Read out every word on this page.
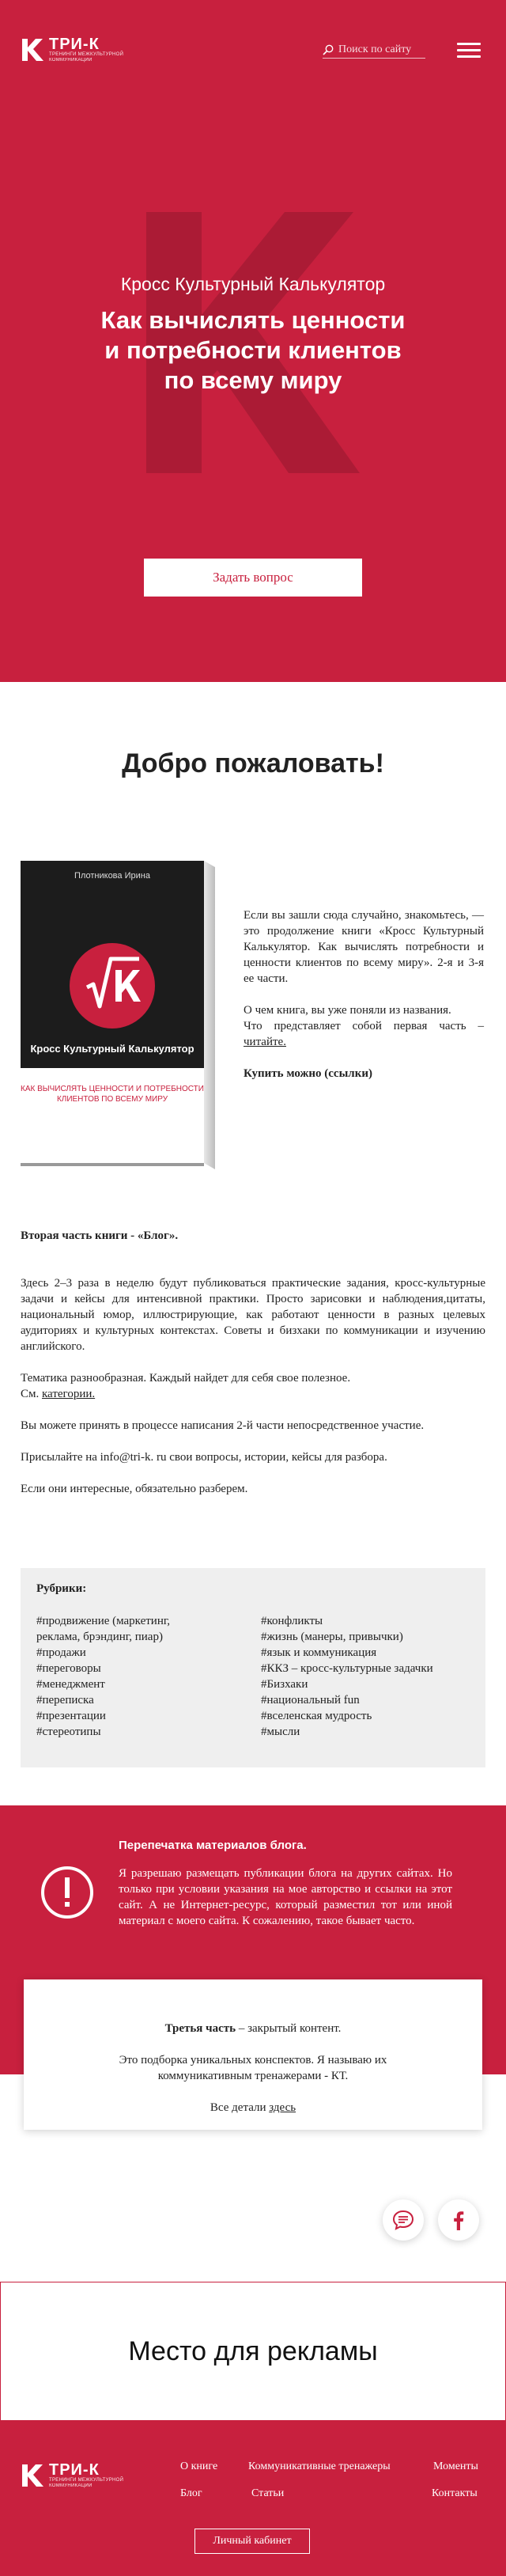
ТРИ-К
ТРЕНИНГИ МЕЖКУЛЬТУРНОЙ
КОММУНИКАЦИИ
Поиск по сайту
Кросс Культурный Калькулятор
Как вычислять ценности
и потребности клиентов
по всему миру
Задать вопрос
Добро пожаловать!
Плотникова Ирина
Кросс Культурный Калькулятор
КАК ВЫЧИСЛЯТЬ ЦЕННОСТИ И ПОТРЕБНОСТИ
КЛИЕНТОВ ПО ВСЕМУ МИРУ

Если вы зашли сюда случайно, знакомьтесь, — это продолжение книги «Кросс Культурный Калькулятор. Как вычислять потребности и ценности клиентов по всему миру». 2-я и 3-я ее части.

О чем книга, вы уже поняли из названия.
Что представляет собой первая часть – читайте.

Купить можно (ссылки)

Вторая часть книги - «Блог».

Здесь 2–3 раза в неделю будут публиковаться практические задания, кросс-культурные задачи и кейсы для интенсивной практики. Просто зарисовки и наблюдения,цитаты, национальный юмор, иллюстрирующие, как работают ценности в разных целевых аудиториях и культурных контекстах. Советы и бизхаки по коммуникации и изучению английского.

Тематика разнообразная. Каждый найдет для себя свое полезное.
См. категории.

Вы можете принять в процессе написания 2-й части непосредственное участие.

Присылайте на info@tri-k. ru свои вопросы, истории, кейсы для разбора.

Если они интересные, обязательно разберем.

Рубрики:
#продвижение (маркетинг,
реклама, брэндинг, пиар)
#продажи
#переговоры
#менеджмент
#переписка
#презентации
#стереотипы
#конфликты
#жизнь (манеры, привычки)
#язык и коммуникация
#ККЗ – кросс-культурные задачки
#Бизхаки
#национальный fun
#вселенская мудрость
#мысли
Перепечатка материалов блога.
Я разрешаю размещать публикации блога на других сайтах. Но только при условии указания на мое авторство и ссылки на этот сайт. А не Интернет-ресурс, который разместил тот или иной материал с моего сайта. К сожалению, такое бывает часто.
Третья часть – закрытый контент.
Это подборка уникальных конспектов. Я называю их коммуникативным тренажерами - КТ.
Все детали здесь
Место для рекламы
ТРИ-К
ТРЕНИНГИ МЕЖКУЛЬТУРНОЙ
КОММУНИКАЦИИ
О книге	Коммуникативные тренажеры	Моменты
Блог	Статьи	Контакты
Личный кабинет
